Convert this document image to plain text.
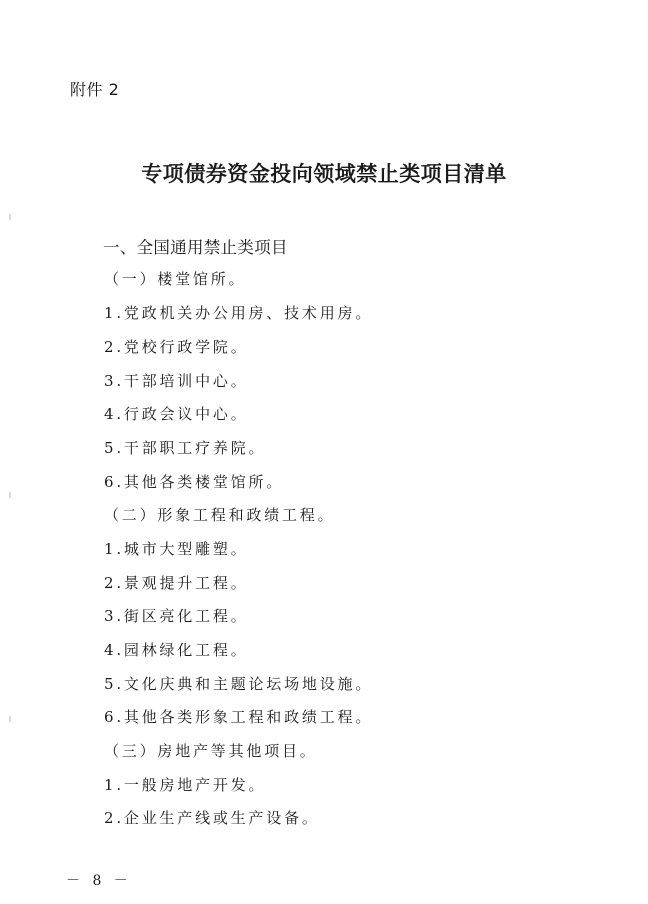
附件 2
专项债券资金投向领域禁止类项目清单
一、全国通用禁止类项目
（一）楼堂馆所。
1.党政机关办公用房、技术用房。
2.党校行政学院。
3.干部培训中心。
4.行政会议中心。
5.干部职工疗养院。
6.其他各类楼堂馆所。
（二）形象工程和政绩工程。
1.城市大型雕塑。
2.景观提升工程。
3.街区亮化工程。
4.园林绿化工程。
5.文化庆典和主题论坛场地设施。
6.其他各类形象工程和政绩工程。
（三）房地产等其他项目。
1.一般房地产开发。
2.企业生产线或生产设备。
－ 8 －
